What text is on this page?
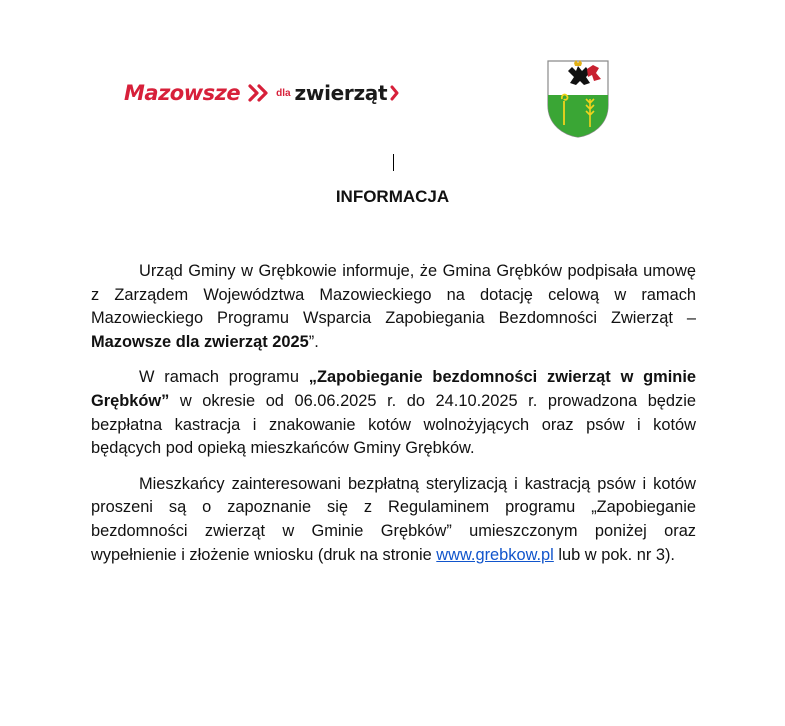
Mazowsze	dla zwierząt
INFORMACJA

Urząd Gminy w Grębkowie informuje, że Gmina Grębków podpisała umowę z Zarządem Województwa Mazowieckiego na dotację celową w ramach Mazowieckiego Programu Wsparcia Zapobiegania Bezdomności Zwierząt – Mazowsze dla zwierząt 2025”.

W ramach programu „Zapobieganie bezdomności zwierząt w gminie Grębków” w okresie od 06.06.2025 r. do 24.10.2025 r. prowadzona będzie bezpłatna kastracja i znakowanie kotów wolnożyjących oraz psów i kotów będących pod opieką mieszkańców Gminy Grębków.

Mieszkańcy zainteresowani bezpłatną sterylizacją i kastracją psów i kotów proszeni są o zapoznanie się z Regulaminem programu „Zapobieganie bezdomności zwierząt w Gminie Grębków” umieszczonym poniżej oraz wypełnienie i złożenie wniosku (druk na stronie www.grebkow.pl lub w pok. nr 3).
